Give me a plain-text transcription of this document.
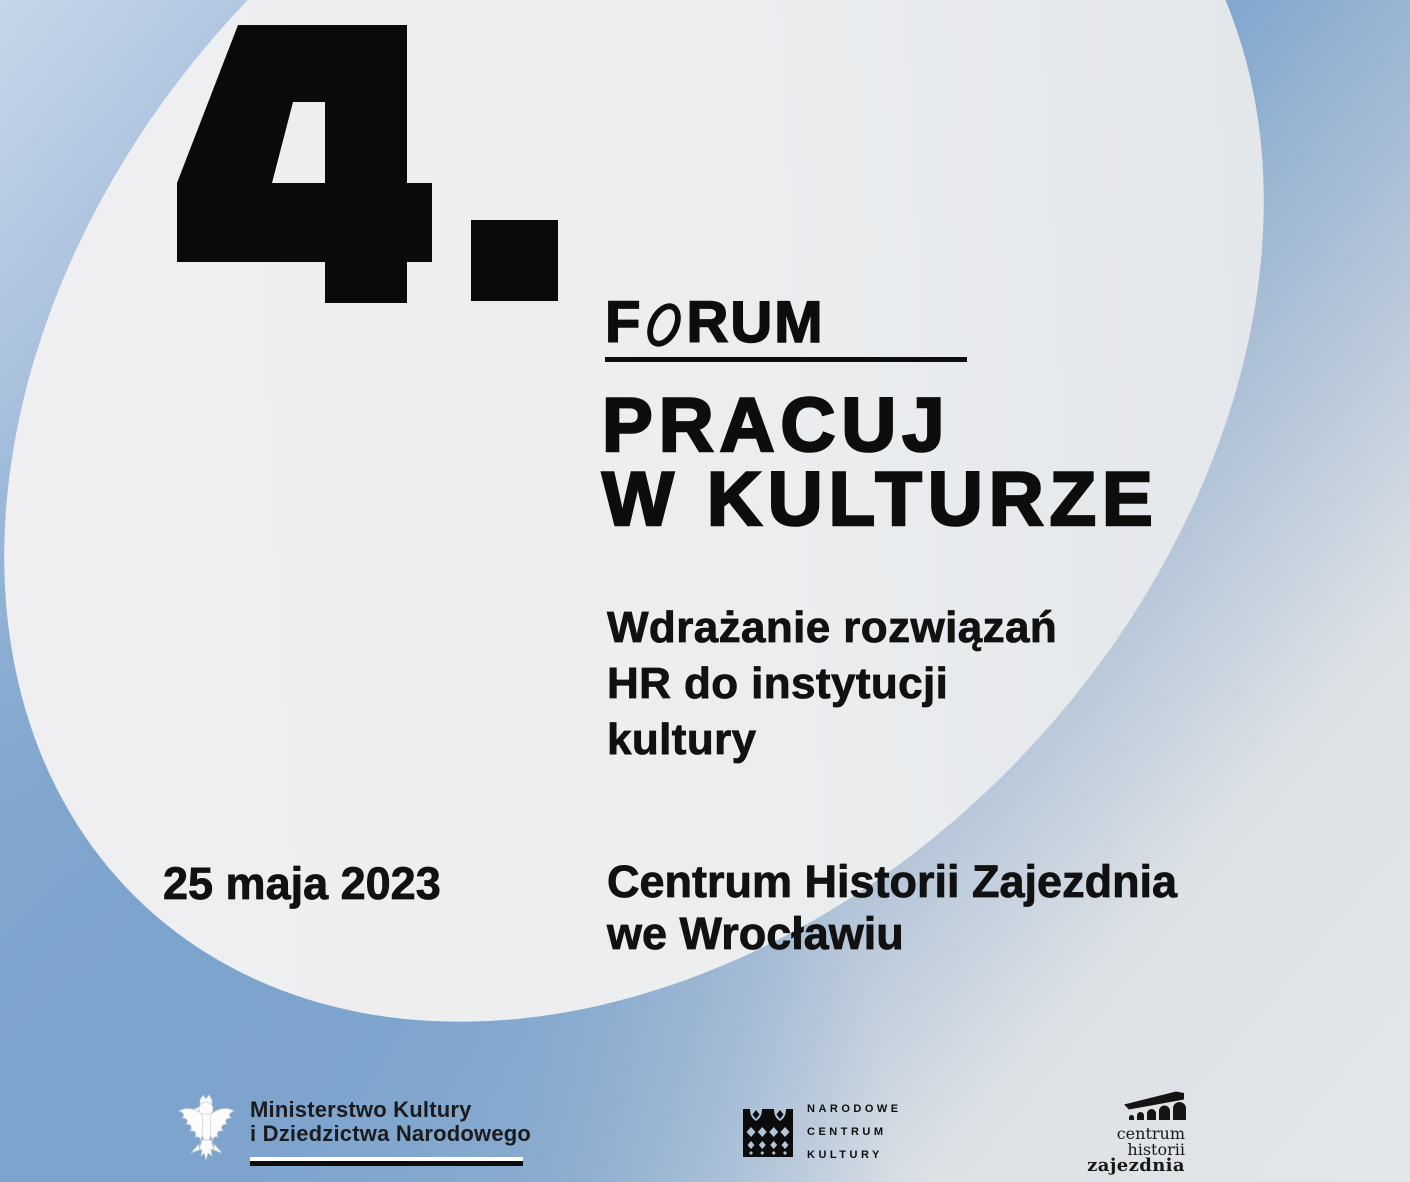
F RUM
PRACUJ
W KULTURZE
Wdrażanie rozwiązań
HR do instytucji
kultury
25 maja 2023	Centrum Historii Zajezdnia
we Wrocławiu
Ministerstwo Kultury
i Dziedzictwa Narodowego
NARODOWE
CENTRUM
KULTURY
centrum
historii
zajezdnia
